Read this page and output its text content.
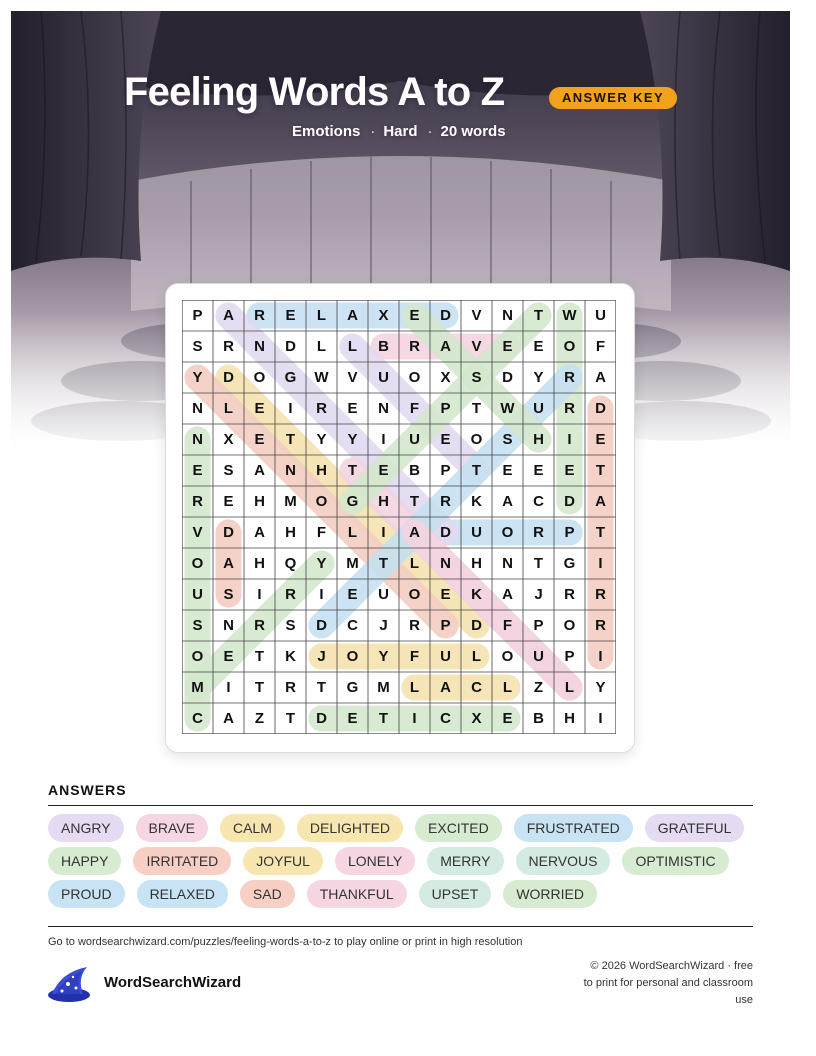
Feeling Words A to Z	ANSWER KEY
Emotions · Hard · 20 words
P	A	R	E	L	A	X	E	D	V	N	T	W	U
S	R	N	D	L	L	B	R	A	V	E	E	O	F
Y	D	O	G	W	V	U	O	X	S	D	Y	R	A
N	L	E	I	R	E	N	F	P	T	W	U	R	D
N	X	E	T	Y	Y	I	U	E	O	S	H	I	E
E	S	A	N	H	T	E	B	P	T	E	E	E	T
R	E	H	M	O	G	H	T	R	K	A	C	D	A
V	D	A	H	F	L	I	A	D	U	O	R	P	T
O	A	H	Q	Y	M	T	L	N	H	N	T	G	I
U	S	I	R	I	E	U	O	E	K	A	J	R	R
S	N	R	S	D	C	J	R	P	D	F	P	O	R
O	E	T	K	J	O	Y	F	U	L	O	U	P	I
M	I	T	R	T	G	M	L	A	C	L	Z	L	Y
C	A	Z	T	D	E	T	I	C	X	E	B	H	I
ANSWERS
ANGRY	BRAVE	CALM	DELIGHTED	EXCITED	FRUSTRATED	GRATEFUL
HAPPY	IRRITATED	JOYFUL	LONELY	MERRY	NERVOUS	OPTIMISTIC
PROUD	RELAXED	SAD	THANKFUL	UPSET	WORRIED
Go to wordsearchwizard.com/puzzles/feeling-words-a-to-z to play online or print in high resolution
WordSearchWizard
© 2026 WordSearchWizard · free to print for personal and classroom use
